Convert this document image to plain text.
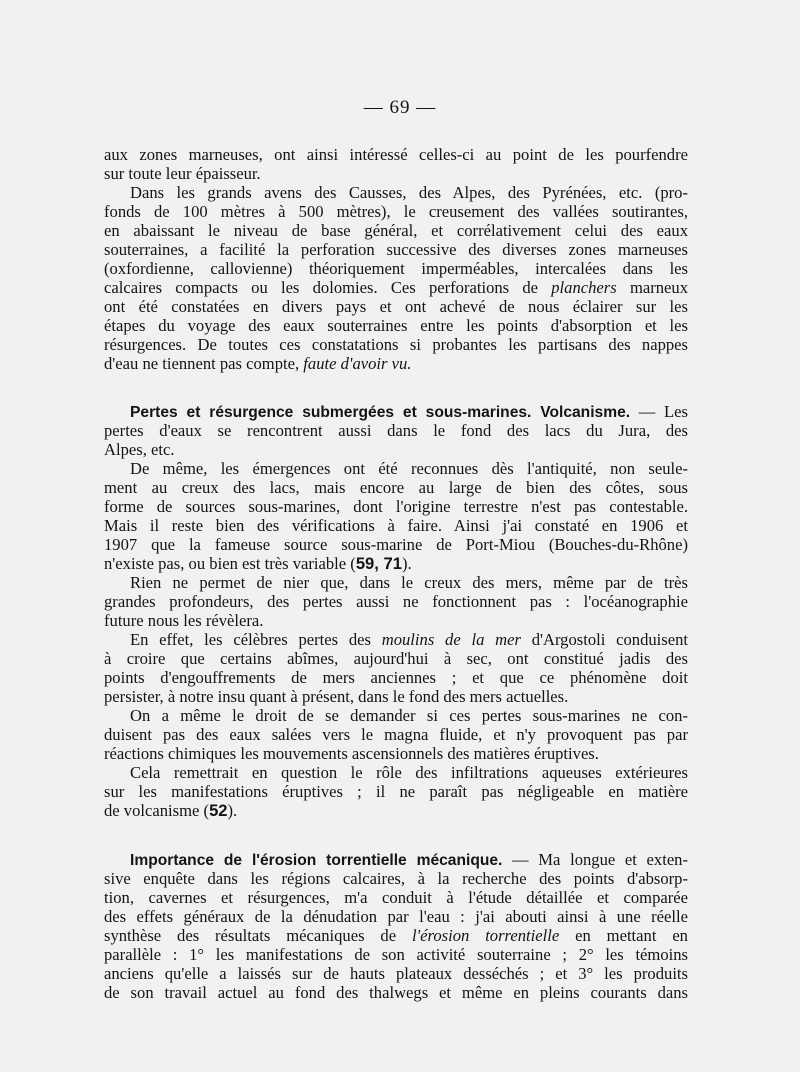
— 69 —
aux zones marneuses, ont ainsi intéressé celles-ci au point de les pourfendre
sur toute leur épaisseur.
Dans les grands avens des Causses, des Alpes, des Pyrénées, etc. (pro-
fonds de 100 mètres à 500 mètres), le creusement des vallées soutirantes,
en abaissant le niveau de base général, et corrélativement celui des eaux
souterraines, a facilité la perforation successive des diverses zones marneuses
(oxfordienne, callovienne) théoriquement imperméables, intercalées dans les
calcaires compacts ou les dolomies. Ces perforations de planchers marneux
ont été constatées en divers pays et ont achevé de nous éclairer sur les
étapes du voyage des eaux souterraines entre les points d'absorption et les
résurgences. De toutes ces constatations si probantes les partisans des nappes
d'eau ne tiennent pas compte, faute d'avoir vu.
Pertes et résurgence submergées et sous-marines. Volcanisme. — Les
pertes d'eaux se rencontrent aussi dans le fond des lacs du Jura, des
Alpes, etc.
De même, les émergences ont été reconnues dès l'antiquité, non seule-
ment au creux des lacs, mais encore au large de bien des côtes, sous
forme de sources sous-marines, dont l'origine terrestre n'est pas contestable.
Mais il reste bien des vérifications à faire. Ainsi j'ai constaté en 1906 et
1907 que la fameuse source sous-marine de Port-Miou (Bouches-du-Rhône)
n'existe pas, ou bien est très variable (59, 71).
Rien ne permet de nier que, dans le creux des mers, même par de très
grandes profondeurs, des pertes aussi ne fonctionnent pas : l'océanographie
future nous les révèlera.
En effet, les célèbres pertes des moulins de la mer d'Argostoli conduisent
à croire que certains abîmes, aujourd'hui à sec, ont constitué jadis des
points d'engouffrements de mers anciennes ; et que ce phénomène doit
persister, à notre insu quant à présent, dans le fond des mers actuelles.
On a même le droit de se demander si ces pertes sous-marines ne con-
duisent pas des eaux salées vers le magna fluide, et n'y provoquent pas par
réactions chimiques les mouvements ascensionnels des matières éruptives.
Cela remettrait en question le rôle des infiltrations aqueuses extérieures
sur les manifestations éruptives ; il ne paraît pas négligeable en matière
de volcanisme (52).
Importance de l'érosion torrentielle mécanique. — Ma longue et exten-
sive enquête dans les régions calcaires, à la recherche des points d'absorp-
tion, cavernes et résurgences, m'a conduit à l'étude détaillée et comparée
des effets généraux de la dénudation par l'eau : j'ai abouti ainsi à une réelle
synthèse des résultats mécaniques de l'érosion torrentielle en mettant en
parallèle : 1° les manifestations de son activité souterraine ; 2° les témoins
anciens qu'elle a laissés sur de hauts plateaux desséchés ; et 3° les produits
de son travail actuel au fond des thalwegs et même en pleins courants dans
